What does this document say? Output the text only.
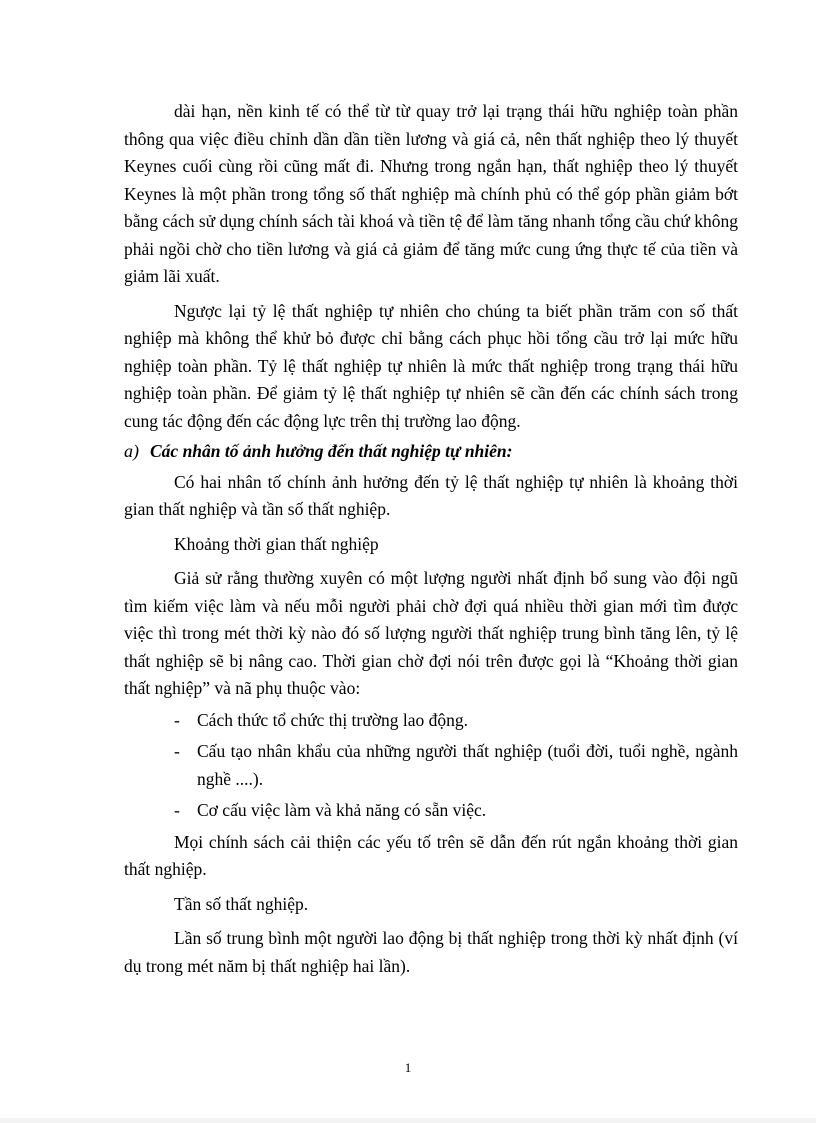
dài hạn, nền kinh tế có thể từ từ quay trở lại trạng thái hữu nghiệp toàn phần thông qua việc điều chỉnh dần dần tiền lương và giá cả, nên thất nghiệp theo lý thuyết Keynes cuối cùng rồi cũng mất đi. Nhưng trong ngắn hạn, thất nghiệp theo lý thuyết Keynes là một phần trong tổng số thất nghiệp mà chính phủ có thể góp phần giảm bớt bằng cách sử dụng chính sách tài khoá và tiền tệ để làm tăng nhanh tổng cầu chứ không phải ngồi chờ cho tiền lương và giá cả giảm để tăng mức cung ứng thực tế của tiền và giảm lãi xuất.

Ngược lại tỷ lệ thất nghiệp tự nhiên cho chúng ta biết phần trăm con số thất nghiệp mà không thể khử bỏ được chỉ bằng cách phục hồi tổng cầu trở lại mức hữu nghiệp toàn phần. Tỷ lệ thất nghiệp tự nhiên là mức thất nghiệp trong trạng thái hữu nghiệp toàn phần. Để giảm tỷ lệ thất nghiệp tự nhiên sẽ cần đến các chính sách trong cung tác động đến các động lực trên thị trường lao động.

a) Các nhân tố ảnh hưởng đến thất nghiệp tự nhiên:

Có hai nhân tố chính ảnh hưởng đến tỷ lệ thất nghiệp tự nhiên là khoảng thời gian thất nghiệp và tần số thất nghiệp.

Khoảng thời gian thất nghiệp

Giả sử rằng thường xuyên có một lượng người nhất định bổ sung vào đội ngũ tìm kiếm việc làm và nếu mỗi người phải chờ đợi quá nhiều thời gian mới tìm được việc thì trong mét thời kỳ nào đó số lượng người thất nghiệp trung bình tăng lên, tỷ lệ thất nghiệp sẽ bị nâng cao. Thời gian chờ đợi nói trên được gọi là “Khoảng thời gian thất nghiệp” và nã phụ thuộc vào:

- Cách thức tổ chức thị trường lao động.
- Cấu tạo nhân khẩu của những người thất nghiệp (tuổi đời, tuổi nghề, ngành nghề ....).
- Cơ cấu việc làm và khả năng có sẵn việc.

Mọi chính sách cải thiện các yếu tố trên sẽ dẫn đến rút ngắn khoảng thời gian thất nghiệp.

Tần số thất nghiệp.

Lần số trung bình một người lao động bị thất nghiệp trong thời kỳ nhất định (ví dụ trong mét năm bị thất nghiệp hai lần).

1
